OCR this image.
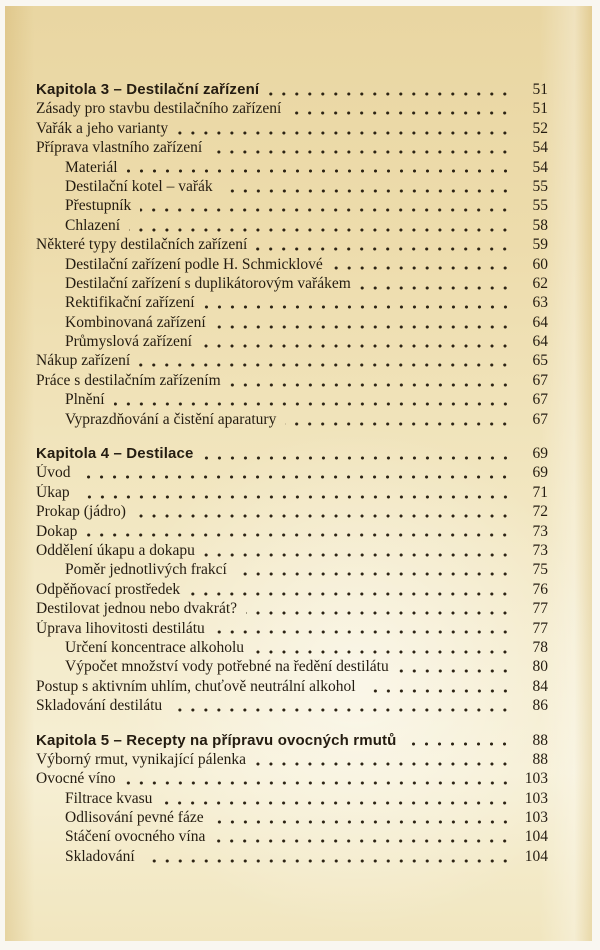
Kapitola 3 – Destilační zařízení	51
Zásady pro stavbu destilačního zařízení	51
Vařák a jeho varianty	52
Příprava vlastního zařízení	54
Materiál	54
Destilační kotel – vařák	55
Přestupník	55
Chlazení	58
Některé typy destilačních zařízení	59
Destilační zařízení podle H. Schmicklové	60
Destilační zařízení s duplikátorovým vařákem	62
Rektifikační zařízení	63
Kombinovaná zařízení	64
Průmyslová zařízení	64
Nákup zařízení	65
Práce s destilačním zařízením	67
Plnění	67
Vyprazdňování a čistění aparatury	67
Kapitola 4 – Destilace	69
Úvod	69
Úkap	71
Prokap (jádro)	72
Dokap	73
Oddělení úkapu a dokapu	73
Poměr jednotlivých frakcí	75
Odpěňovací prostředek	76
Destilovat jednou nebo dvakrát?	77
Úprava lihovitosti destilátu	77
Určení koncentrace alkoholu	78
Výpočet množství vody potřebné na ředění destilátu	80
Postup s aktivním uhlím, chuťově neutrální alkohol	84
Skladování destilátu	86
Kapitola 5 – Recepty na přípravu ovocných rmutů	88
Výborný rmut, vynikající pálenka	88
Ovocné víno	103
Filtrace kvasu	103
Odlisování pevné fáze	103
Stáčení ovocného vína	104
Skladování	104
